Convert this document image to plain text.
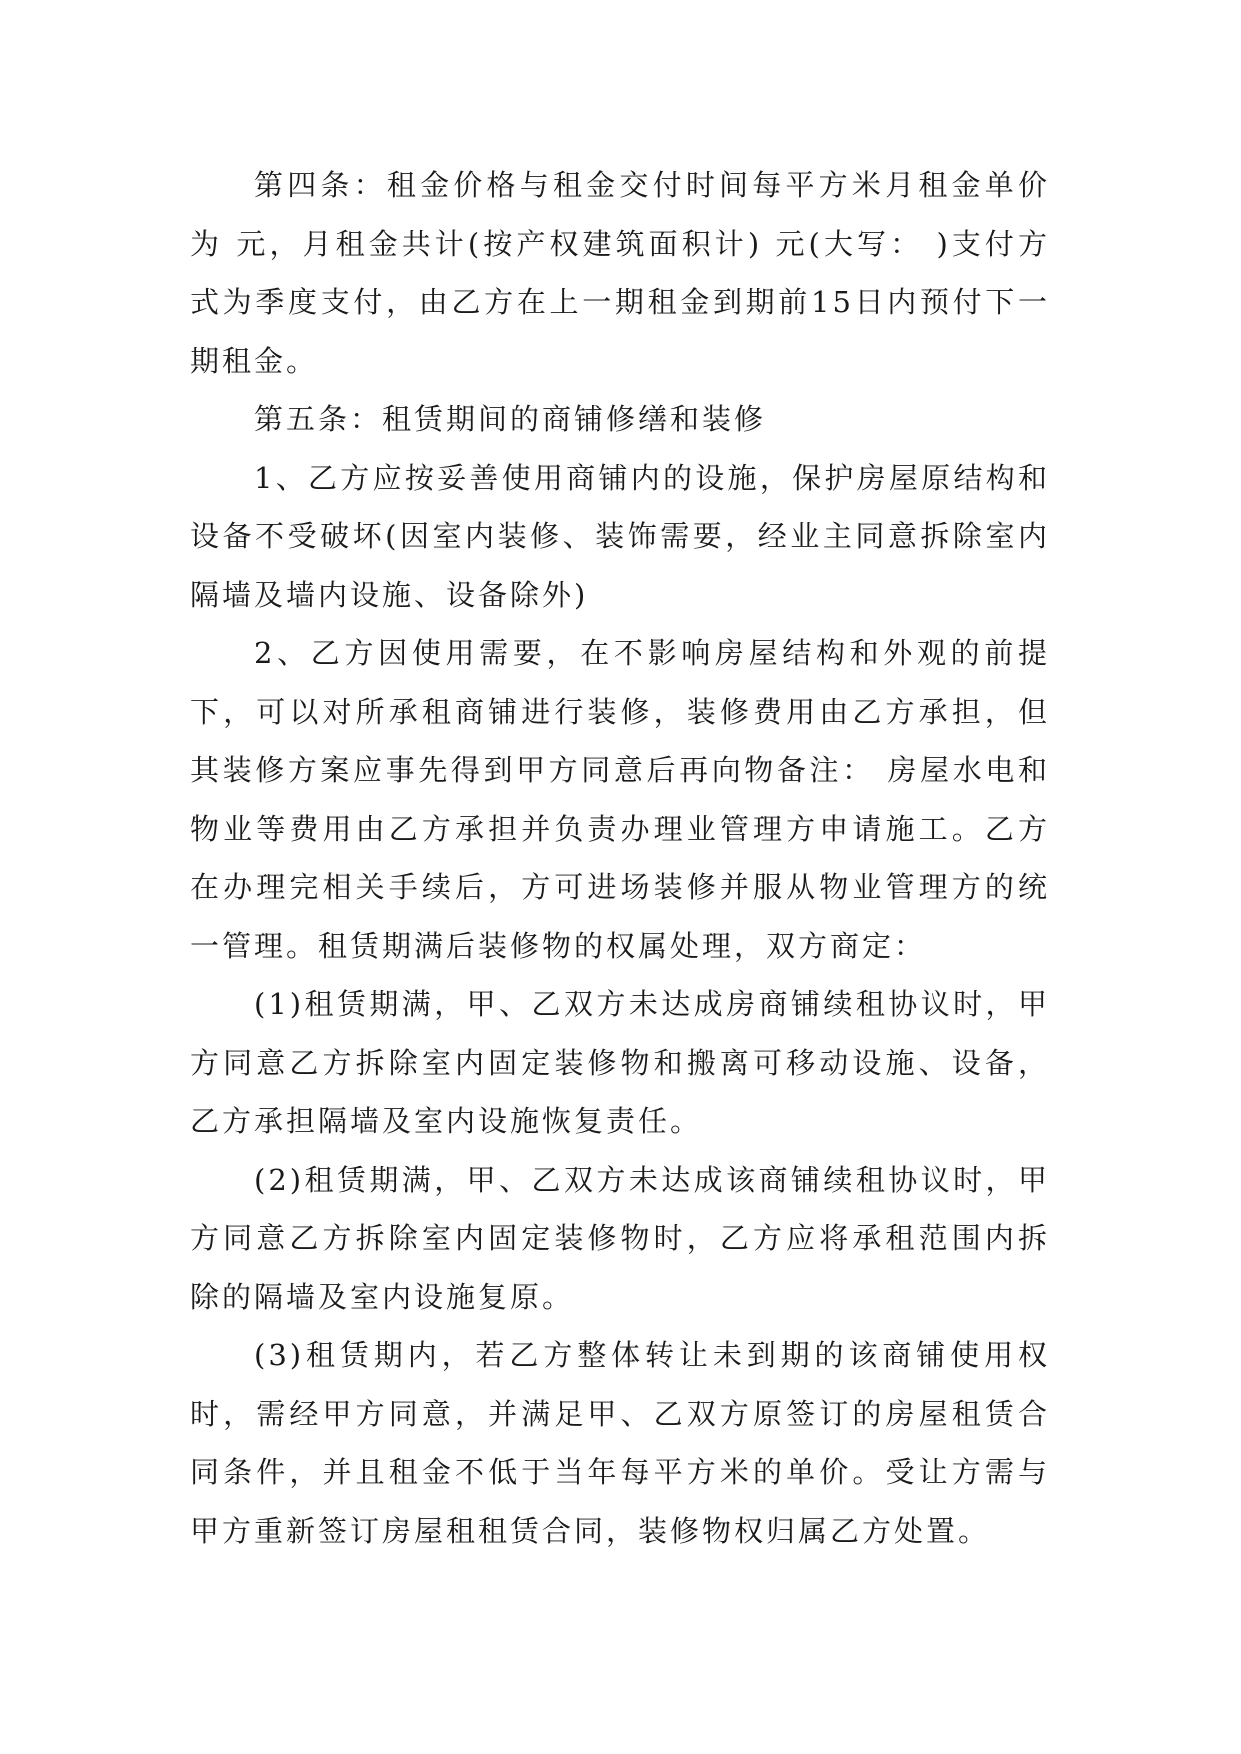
第四条：租金价格与租金交付时间每平方米月租金单价为 元，月租金共计(按产权建筑面积计) 元(大写： )支付方式为季度支付，由乙方在上一期租金到期前15日内预付下一期租金。

第五条：租赁期间的商铺修缮和装修

1、乙方应按妥善使用商铺内的设施，保护房屋原结构和设备不受破坏(因室内装修、装饰需要，经业主同意拆除室内隔墙及墙内设施、设备除外)

2、乙方因使用需要，在不影响房屋结构和外观的前提下，可以对所承租商铺进行装修，装修费用由乙方承担，但其装修方案应事先得到甲方同意后再向物备注： 房屋水电和物业等费用由乙方承担并负责办理业管理方申请施工。乙方在办理完相关手续后，方可进场装修并服从物业管理方的统一管理。租赁期满后装修物的权属处理，双方商定：

(1)租赁期满，甲、乙双方未达成房商铺续租协议时，甲方同意乙方拆除室内固定装修物和搬离可移动设施、设备，乙方承担隔墙及室内设施恢复责任。

(2)租赁期满，甲、乙双方未达成该商铺续租协议时，甲方同意乙方拆除室内固定装修物时，乙方应将承租范围内拆除的隔墙及室内设施复原。

(3)租赁期内，若乙方整体转让未到期的该商铺使用权时，需经甲方同意，并满足甲、乙双方原签订的房屋租赁合同条件，并且租金不低于当年每平方米的单价。受让方需与甲方重新签订房屋租租赁合同，装修物权归属乙方处置。
